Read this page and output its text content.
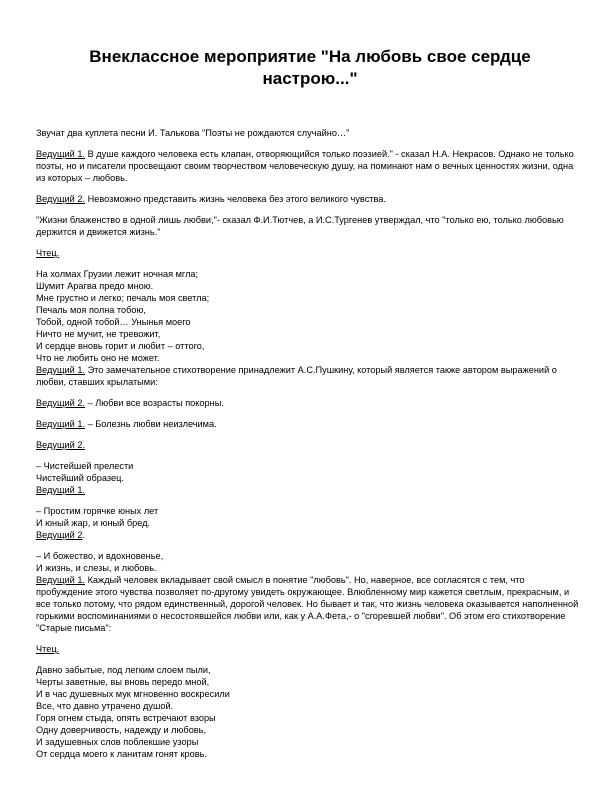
Внеклассное мероприятие "На любовь свое сердце настрою..."

Звучат два куплета песни И. Талькова "Поэты не рождаются случайно…"

Ведущий 1. В душе каждого человека есть клапан, отворяющийся только поэзией." - сказал Н.А. Некрасов. Однако не только поэты, но и писатели просвещают своим творчеством человеческую душу, на поминают нам о вечных ценностях жизни, одна из которых – любовь.

Ведущий 2. Невозможно представить жизнь человека без этого великого чувства.

"Жизни блаженство в одной лишь любви,"- сказал Ф.И.Тютчев, а И.С.Тургенев утверждал, что "только ею, только любовью держится и движется жизнь."

Чтец.

На холмах Грузии лежит ночная мгла;
Шумит Арагва предо мною.
Мне грустно и легко; печаль моя светла;
Печаль моя полна тобою,
Тобой, одной тобой… Унынья моего
Ничто не мучит, не тревожит,
И сердце вновь горит и любит – оттого,
Что не любить оно не может.

Ведущий 1. Это замечательное стихотворение принадлежит А.С.Пушкину, который является также автором выражений о любви, ставших крылатыми:

Ведущий 2. – Любви все возрасты покорны.

Ведущий 1. – Болезнь любви неизлечима.

Ведущий 2.

– Чистейшей прелести
Чистейший образец.
Ведущий 1.
– Простим горячке юных лет
И юный жар, и юный бред.
Ведущий 2.
– И божество, и вдохновенье,
И жизнь, и слезы, и любовь.

Ведущий 1. Каждый человек вкладывает свой смысл в понятие "любовь". Но, наверное, все согласятся с тем, что пробуждение этого чувства позволяет по-другому увидеть окружающее. Влюбленному мир кажется светлым, прекрасным, и все только потому, что рядом единственный, дорогой человек. Но бывает и так, что жизнь человека оказывается наполненной горькими воспоминаниями о несостоявшейся любви или, как у А.А.Фета,- о "сгоревшей любви". Об этом его стихотворение "Старые письма":

Чтец.

Давно забытые, под легким слоем пыли,
Черты заветные, вы вновь передо мной,
И в час душевных мук мгновенно воскресили
Все, что давно утрачено душой.
Горя огнем стыда, опять встречают взоры
Одну доверчивость, надежду и любовь,
И задушевных слов поблекшие узоры
От сердца моего к ланитам гонят кровь.
